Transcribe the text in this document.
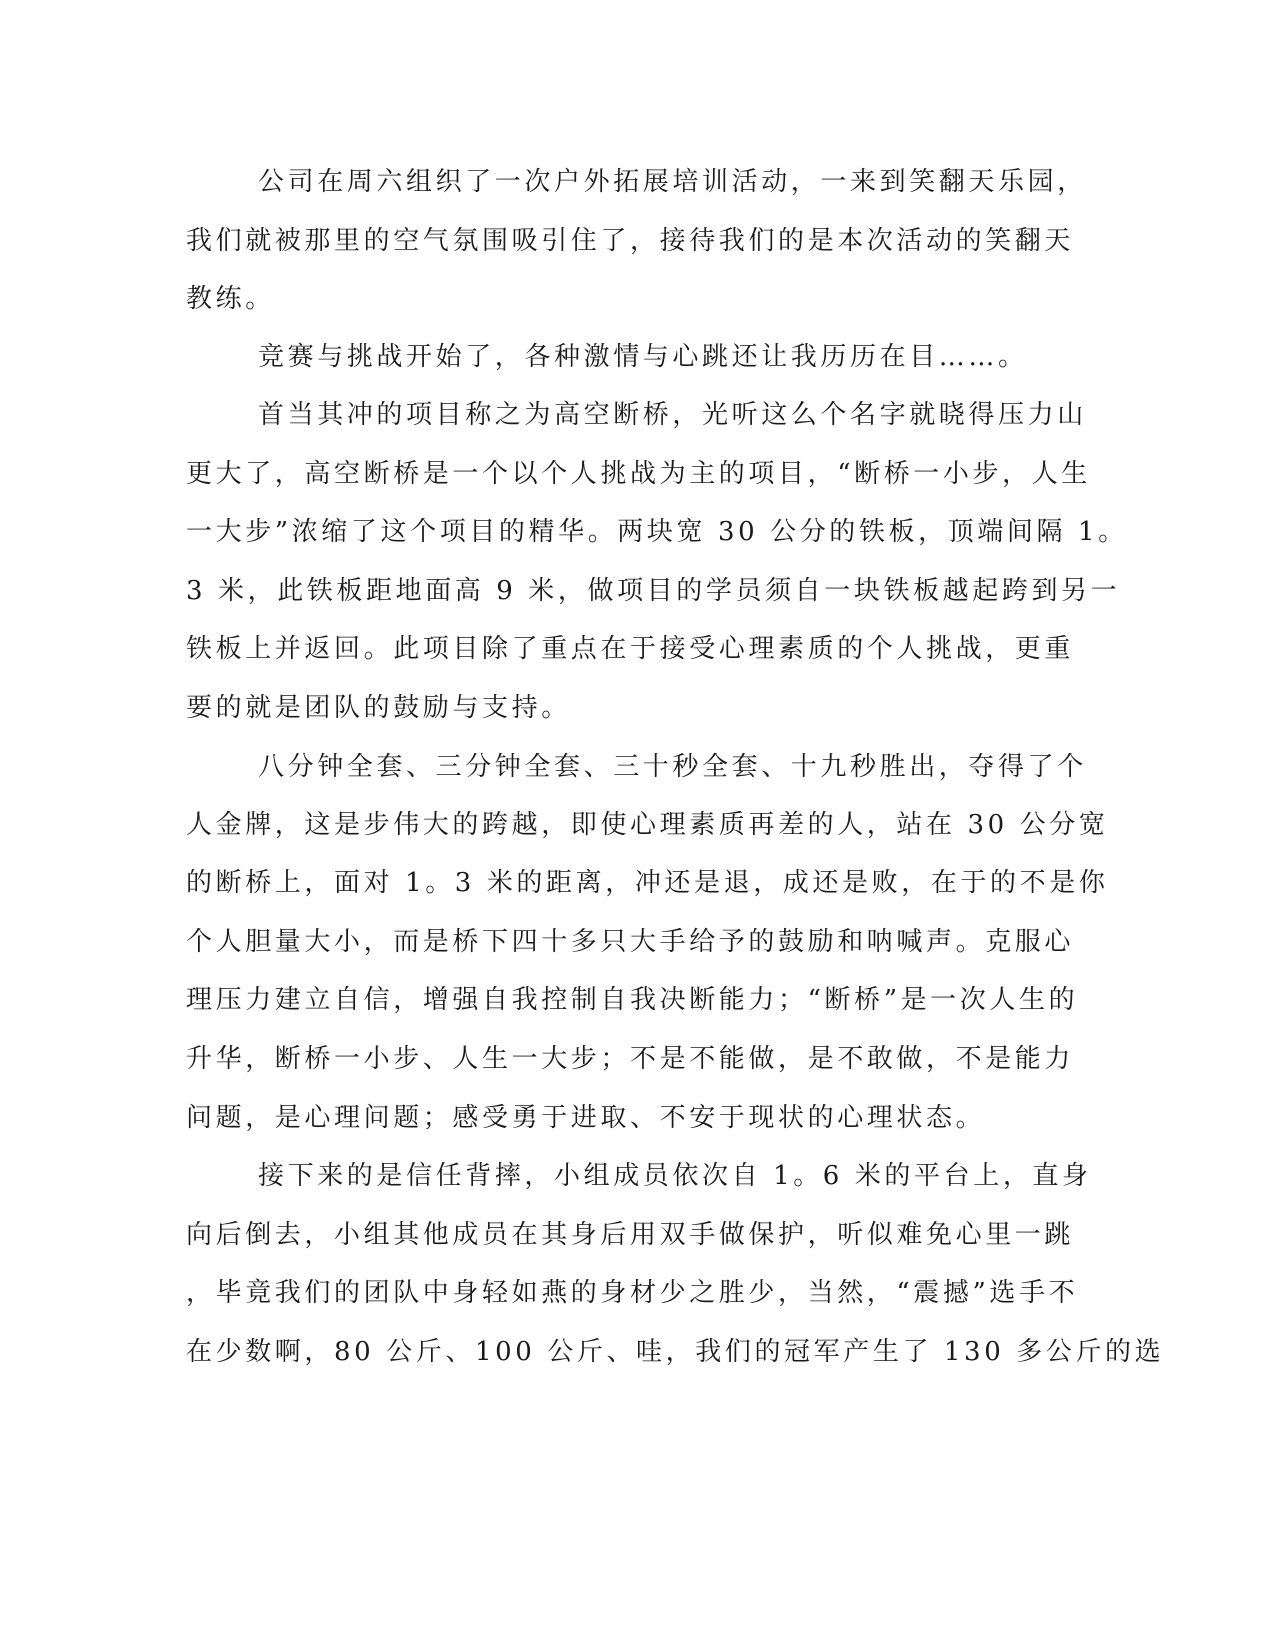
公司在周六组织了一次户外拓展培训活动，一来到笑翻天乐园，
我们就被那里的空气氛围吸引住了，接待我们的是本次活动的笑翻天
教练。
竞赛与挑战开始了，各种激情与心跳还让我历历在目……。
首当其冲的项目称之为高空断桥，光听这么个名字就晓得压力山
更大了，高空断桥是一个以个人挑战为主的项目，“断桥一小步，人生
一大步”浓缩了这个项目的精华。两块宽 30 公分的铁板，顶端间隔 1。
3 米，此铁板距地面高 9 米，做项目的学员须自一块铁板越起跨到另一
铁板上并返回。此项目除了重点在于接受心理素质的个人挑战，更重
要的就是团队的鼓励与支持。
八分钟全套、三分钟全套、三十秒全套、十九秒胜出，夺得了个
人金牌，这是步伟大的跨越，即使心理素质再差的人，站在 30 公分宽
的断桥上，面对 1。3 米的距离，冲还是退，成还是败，在于的不是你
个人胆量大小，而是桥下四十多只大手给予的鼓励和呐喊声。克服心
理压力建立自信，增强自我控制自我决断能力；“断桥”是一次人生的
升华，断桥一小步、人生一大步；不是不能做，是不敢做，不是能力
问题，是心理问题；感受勇于进取、不安于现状的心理状态。
接下来的是信任背摔，小组成员依次自 1。6 米的平台上，直身
向后倒去，小组其他成员在其身后用双手做保护，听似难免心里一跳
，毕竟我们的团队中身轻如燕的身材少之胜少，当然，“震撼”选手不
在少数啊，80 公斤、100 公斤、哇，我们的冠军产生了 130 多公斤的选
